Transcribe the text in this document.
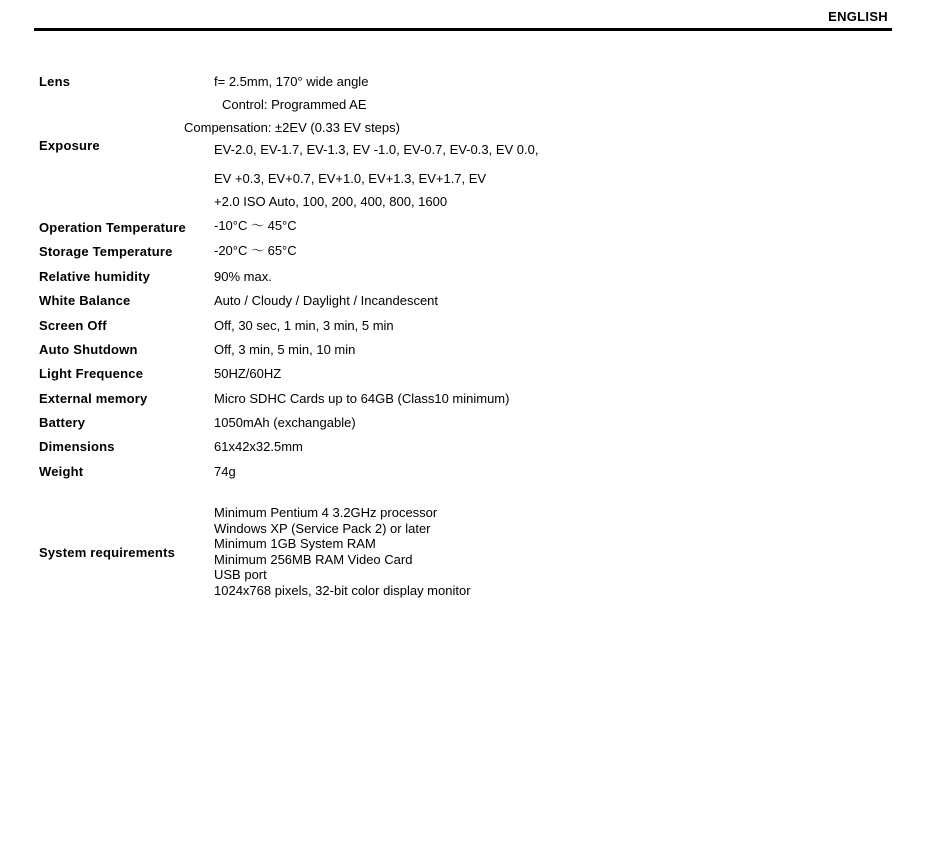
ENGLISH
Lens	f= 2.5mm, 170° wide angle
Control: Programmed AE
Compensation: ±2EV (0.33 EV steps)
Exposure	EV-2.0, EV-1.7, EV-1.3, EV -1.0, EV-0.7, EV-0.3, EV 0.0,
EV +0.3, EV+0.7, EV+1.0, EV+1.3, EV+1.7, EV
+2.0 ISO Auto, 100, 200, 400, 800, 1600
Operation Temperature -10°C ～ 45°C
Storage Temperature	-20°C ～ 65°C
Relative humidity	90% max.
White Balance	Auto / Cloudy / Daylight / Incandescent
Screen Off	Off, 30 sec, 1 min, 3 min, 5 min
Auto Shutdown	Off, 3 min, 5 min, 10 min
Light Frequence	50HZ/60HZ
External memory	Micro SDHC Cards up to 64GB (Class10 minimum)
Battery	1050mAh (exchangable)
Dimensions	61x42x32.5mm
Weight	74g
System requirements
Minimum Pentium 4 3.2GHz processor
Windows XP (Service Pack 2) or later
Minimum 1GB System RAM
Minimum 256MB RAM Video Card
USB port
1024x768 pixels, 32-bit color display monitor
